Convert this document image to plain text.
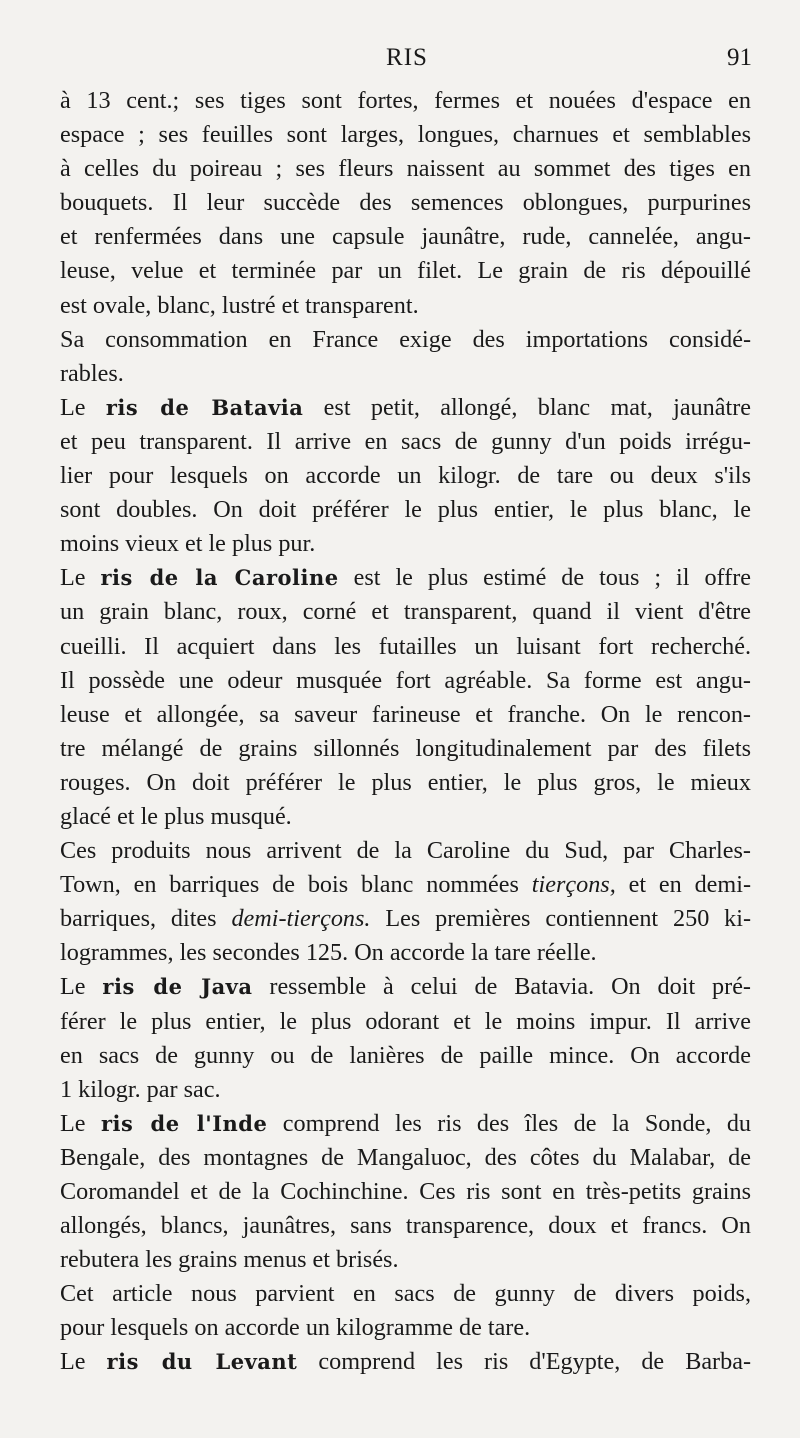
RIS	91
à 13 cent.; ses tiges sont fortes, fermes et nouées d'espace en
espace ; ses feuilles sont larges, longues, charnues et semblables
à celles du poireau ; ses fleurs naissent au sommet des tiges en
bouquets. Il leur succède des semences oblongues, purpurines
et renfermées dans une capsule jaunâtre, rude, cannelée, angu-
leuse, velue et terminée par un filet. Le grain de ris dépouillé
est ovale, blanc, lustré et transparent.
Sa consommation en France exige des importations considé-
rables.
Le ris de Batavia est petit, allongé, blanc mat, jaunâtre
et peu transparent. Il arrive en sacs de gunny d'un poids irrégu-
lier pour lesquels on accorde un kilogr. de tare ou deux s'ils
sont doubles. On doit préférer le plus entier, le plus blanc, le
moins vieux et le plus pur.
Le ris de la Caroline est le plus estimé de tous ; il offre
un grain blanc, roux, corné et transparent, quand il vient d'être
cueilli. Il acquiert dans les futailles un luisant fort recherché.
Il possède une odeur musquée fort agréable. Sa forme est angu-
leuse et allongée, sa saveur farineuse et franche. On le rencon-
tre mélangé de grains sillonnés longitudinalement par des filets
rouges. On doit préférer le plus entier, le plus gros, le mieux
glacé et le plus musqué.
Ces produits nous arrivent de la Caroline du Sud, par Charles-
Town, en barriques de bois blanc nommées tierçons, et en demi-
barriques, dites demi-tierçons. Les premières contiennent 250 ki-
logrammes, les secondes 125. On accorde la tare réelle.
Le ris de Java ressemble à celui de Batavia. On doit pré-
férer le plus entier, le plus odorant et le moins impur. Il arrive
en sacs de gunny ou de lanières de paille mince. On accorde
1 kilogr. par sac.
Le ris de l'Inde comprend les ris des îles de la Sonde, du
Bengale, des montagnes de Mangaluoc, des côtes du Malabar, de
Coromandel et de la Cochinchine. Ces ris sont en très-petits grains
allongés, blancs, jaunâtres, sans transparence, doux et francs. On
rebutera les grains menus et brisés.
Cet article nous parvient en sacs de gunny de divers poids,
pour lesquels on accorde un kilogramme de tare.
Le ris du Levant comprend les ris d'Egypte, de Barba-
